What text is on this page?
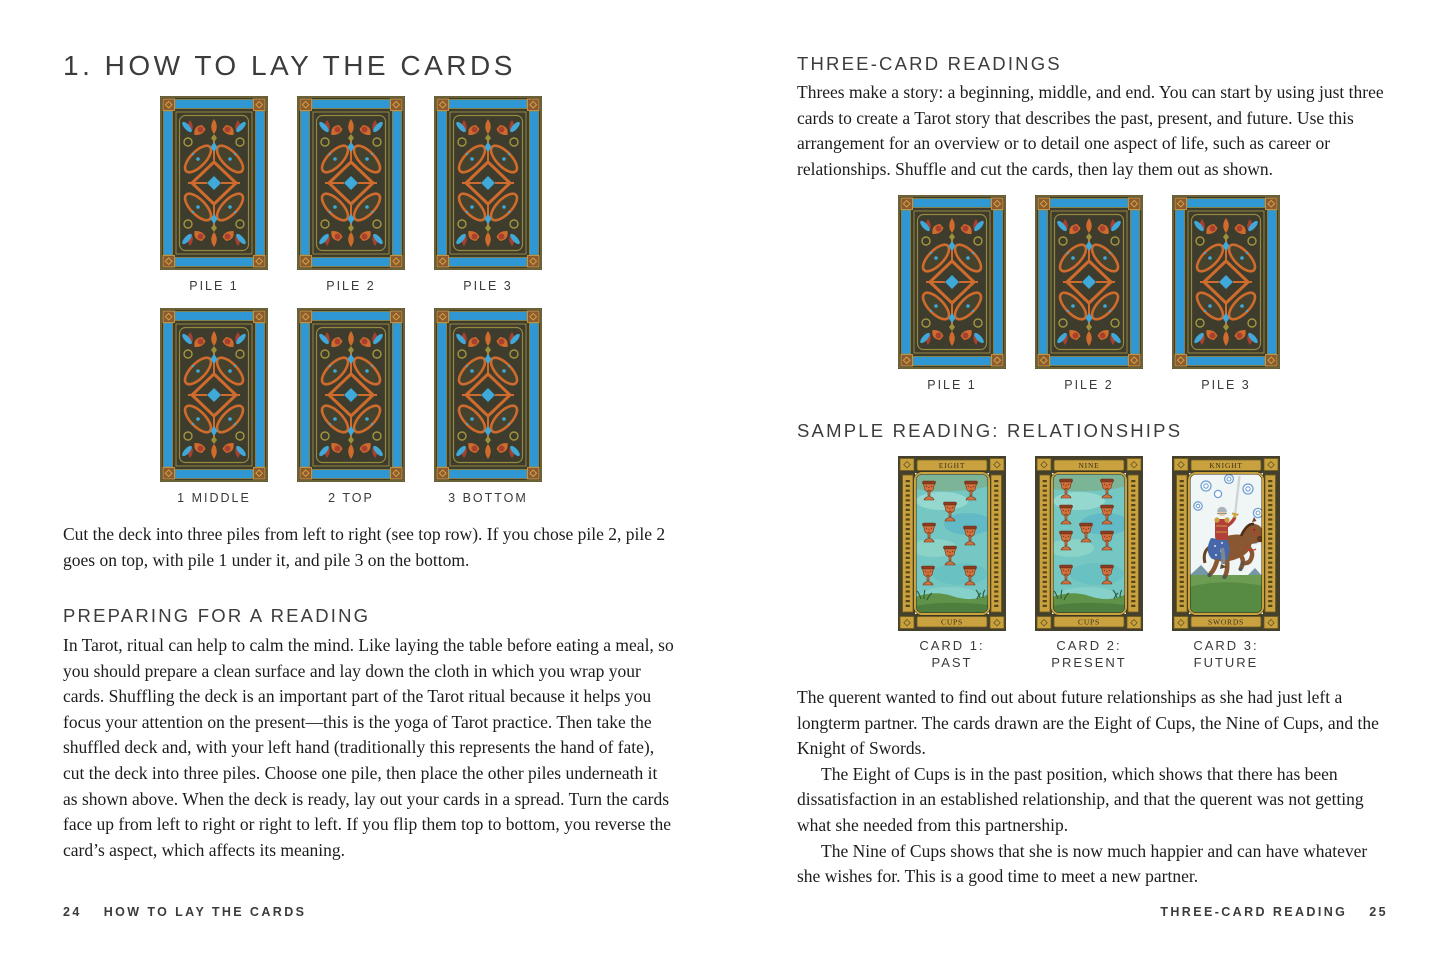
1. HOW TO LAY THE CARDS
PILE 1	PILE 2	PILE 3
1 MIDDLE	2 TOP	3 BOTTOM

Cut the deck into three piles from left to right (see top row). If you chose pile 2, pile 2 goes on top, with pile 1 under it, and pile 3 on the bottom.

PREPARING FOR A READING

In Tarot, ritual can help to calm the mind. Like laying the table before eating a meal, so you should prepare a clean surface and lay down the cloth in which you wrap your cards. Shuffling the deck is an important part of the Tarot ritual because it helps you focus your attention on the present—this is the yoga of Tarot practice. Then take the shuffled deck and, with your left hand (traditionally this represents the hand of fate), cut the deck into three piles. Choose one pile, then place the other piles underneath it as shown above. When the deck is ready, lay out your cards in a spread. Turn the cards face up from left to right or right to left. If you flip them top to bottom, you reverse the card’s aspect, which affects its meaning.

24 HOW TO LAY THE CARDS
THREE-CARD READINGS

Threes make a story: a beginning, middle, and end. You can start by using just three cards to create a Tarot story that describes the past, present, and future. Use this arrangement for an overview or to detail one aspect of life, such as career or relationships. Shuffle and cut the cards, then lay them out as shown.

PILE 1	PILE 2	PILE 3
SAMPLE READING: RELATIONSHIPS
EIGHT
CUPS
CARD 1:
PAST
NINE
CUPS
CARD 2:
PRESENT
KNIGHT
SWORDS
CARD 3:
FUTURE

The querent wanted to find out about future relationships as she had just left a longterm partner. The cards drawn are the Eight of Cups, the Nine of Cups, and the Knight of Swords.

The Eight of Cups is in the past position, which shows that there has been dissatisfaction in an established relationship, and that the querent was not getting what she needed from this partnership.

The Nine of Cups shows that she is now much happier and can have whatever she wishes for. This is a good time to meet a new partner.

THREE-CARD READING 25
